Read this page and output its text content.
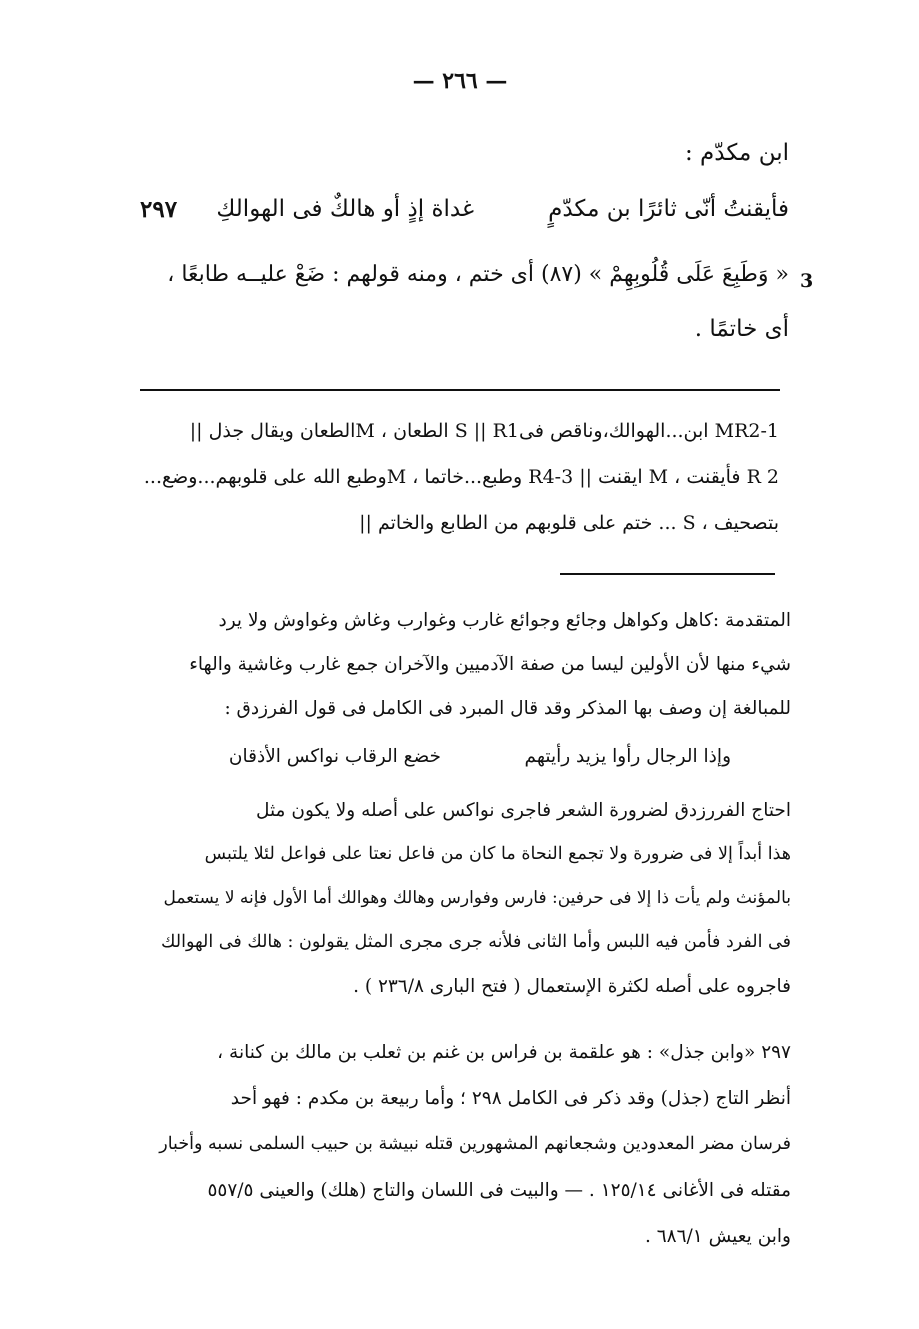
— ٢٦٦ —
ابن مكدّم :
٢٩٧	فأيقنتُ أنّى ثائرًا بن مكدّمٍ
غداة إذٍ أو هالكٌ فى الهوالكِ
3
« وَطَبِعَ عَلَى قُلُوبِهِمْ » (٨٧) أى ختم ، ومنه قولهم : ضَعْ عليــه طابعًا ،
أى خاتمًا .
MR2-1 ابن...الهوالك،وناقص فىS || R1 الطعان ، Mالطعان ويقال جذل ||
R 2 فأيقنت ، M ايقنت || R4-3 وطبع...خاتما ، Mوطبع الله على قلوبهم...وضع...
بتصحيف ، S ... ختم على قلوبهم من الطابع والخاتم ||
المتقدمة :كاهل وكواهل وجائع وجوائع غارب وغوارب وغاش وغواوش ولا يرد
شيء منها لأن الأولين ليسا من صفة الآدميين والآخران جمع غارب وغاشية والهاء
للمبالغة إن وصف بها المذكر وقد قال المبرد فى الكامل فى قول الفرزدق :
وإذا الرجال رأوا يزيد رأيتهم
خضع الرقاب نواكس الأذقان
احتاج الفررزدق لضرورة الشعر فاجرى نواكس على أصله ولا يكون مثل
هذا أبداً إلا فى ضرورة ولا تجمع النحاة ما كان من فاعل نعتا على فواعل لئلا يلتبس
بالمؤنث ولم يأت ذا إلا فى حرفين: فارس وفوارس وهالك وهوالك أما الأول فإنه لا يستعمل
فى الفرد فأمن فيه اللبس وأما الثانى فلأنه جرى مجرى المثل يقولون : هالك فى الهوالك
فاجروه على أصله لكثرة الإستعمال ( فتح البارى ٢٣٦/٨ ) .
٢٩٧ «وابن جذل» : هو علقمة بن فراس بن غنم بن ثعلب بن مالك بن كنانة ،
أنظر التاج (جذل) وقد ذكر فى الكامل ٢٩٨ ؛ وأما ربيعة بن مكدم : فهو أحد
فرسان مضر المعدودين وشجعانهم المشهورين قتله نبيشة بن حبيب السلمى نسبه وأخبار
مقتله فى الأغانى ١٢٥/١٤ . — والبيت فى اللسان والتاج (هلك) والعينى ٥٥٧/٥
وابن يعيش ٦٨٦/١ .
